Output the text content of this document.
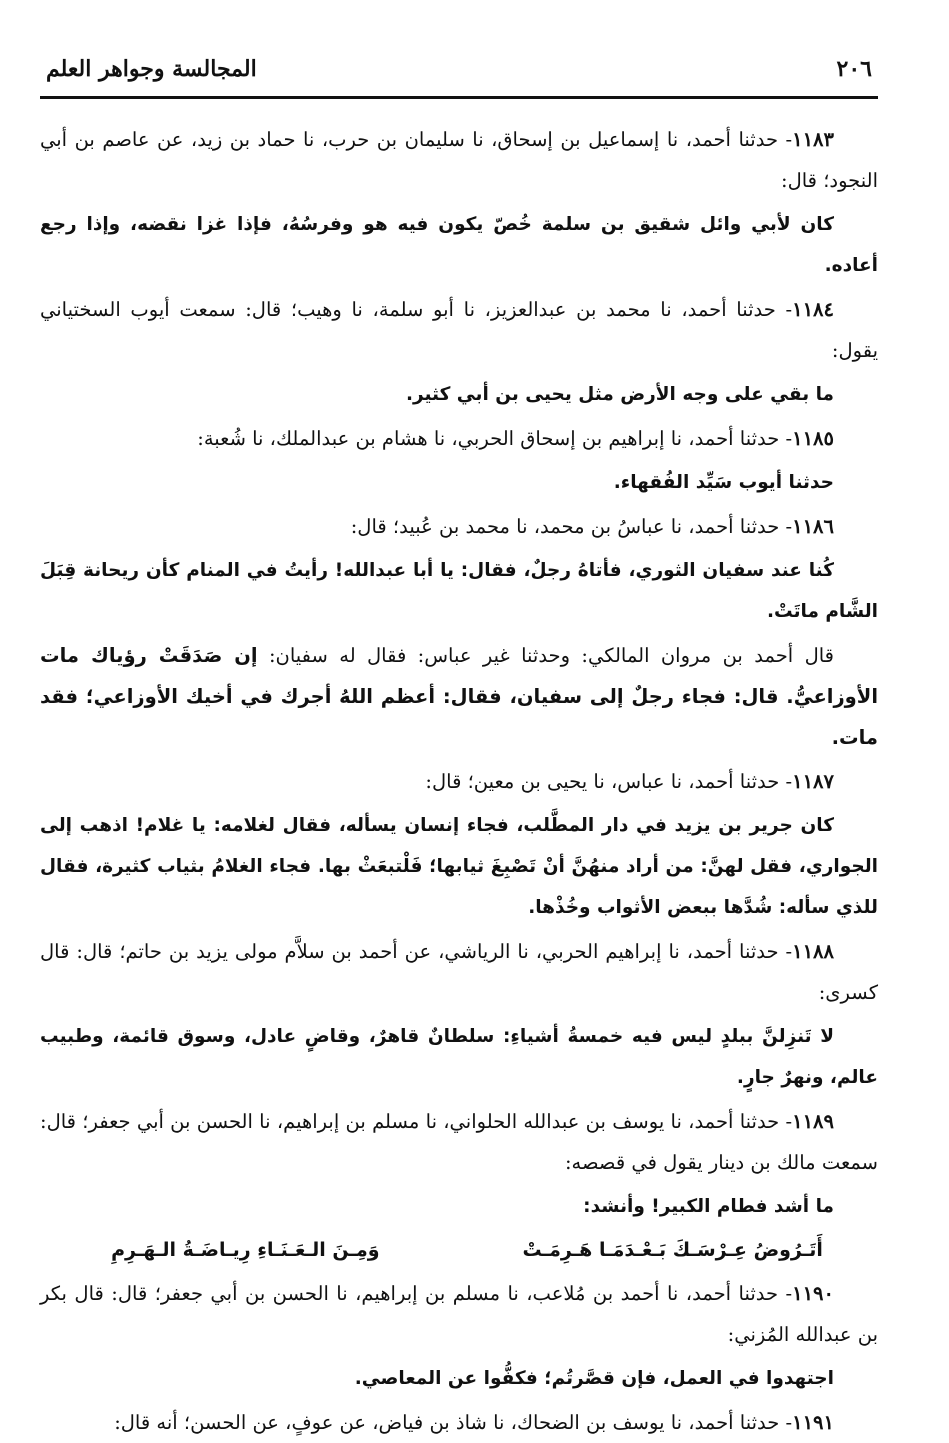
٢٠٦
المجالسة وجواهر العلم

١١٨٣- حدثنا أحمد، نا إسماعيل بن إسحاق، نا سليمان بن حرب، نا حماد بن زيد، عن عاصم بن أبي النجود؛ قال:

كان لأبي وائل شقيق بن سلمة خُصّ يكون فيه هو وفرسُهُ، فإذا غزا نقضه، وإذا رجع أعاده.

١١٨٤- حدثنا أحمد، نا محمد بن عبدالعزيز، نا أبو سلمة، نا وهيب؛ قال: سمعت أيوب السختياني يقول:

ما بقي على وجه الأرض مثل يحيى بن أبي كثير.

١١٨٥- حدثنا أحمد، نا إبراهيم بن إسحاق الحربي، نا هشام بن عبدالملك، نا شُعبة:

حدثنا أيوب سَيِّد الفُقهاء.

١١٨٦- حدثنا أحمد، نا عباسُ بن محمد، نا محمد بن عُبيد؛ قال:

كُنا عند سفيان الثوري، فأتاهُ رجلٌ، فقال: يا أبا عبدالله! رأيتُ في المنام كأن ريحانة قِبَلَ الشَّام ماتَتْ.

قال أحمد بن مروان المالكي: وحدثنا غير عباس: فقال له سفيان: إن صَدَقَتْ رؤياك مات الأوزاعيُّ. قال: فجاء رجلٌ إلى سفيان، فقال: أعظم اللهُ أجرك في أخيك الأوزاعي؛ فقد مات.

١١٨٧- حدثنا أحمد، نا عباس، نا يحيى بن معين؛ قال:

كان جرير بن يزيد في دار المطَّلب، فجاء إنسان يسأله، فقال لغلامه: يا غلام! اذهب إلى الجواري، فقل لهنَّ: من أراد منهُنَّ أنْ تَصْبِغَ ثيابها؛ فَلْتبعَثْ بها. فجاء الغلامُ بثياب كثيرة، فقال للذي سأله: شُدَّها ببعض الأثواب وخُذْها.

١١٨٨- حدثنا أحمد، نا إبراهيم الحربي، نا الرياشي، عن أحمد بن سلاَّم مولى يزيد بن حاتم؛ قال: قال كسرى:

لا تَنزِلنَّ ببلدٍ ليس فيه خمسةُ أشياءِ: سلطانٌ قاهرٌ، وقاضٍ عادل، وسوق قائمة، وطبيب عالم، ونهرٌ جارٍ.

١١٨٩- حدثنا أحمد، نا يوسف بن عبدالله الحلواني، نا مسلم بن إبراهيم، نا الحسن بن أبي جعفر؛ قال: سمعت مالك بن دينار يقول في قصصه:

ما أشد فطام الكبير! وأنشد:

أَتَـرُوضُ عِـرْسَـكَ بَـعْـدَمَـا هَـرِمَـتْ
وَمِـنَ الـعَـنَـاءِ رِيـاضَـةُ الـهَـرِمِ

١١٩٠- حدثنا أحمد، نا أحمد بن مُلاعب، نا مسلم بن إبراهيم، نا الحسن بن أبي جعفر؛ قال: قال بكر بن عبدالله المُزني:

اجتهدوا في العمل، فإن قصَّرتُم؛ فكفُّوا عن المعاصي.

١١٩١- حدثنا أحمد، نا يوسف بن الضحاك، نا شاذ بن فياض، عن عوفٍ، عن الحسن؛ أنه قال:
